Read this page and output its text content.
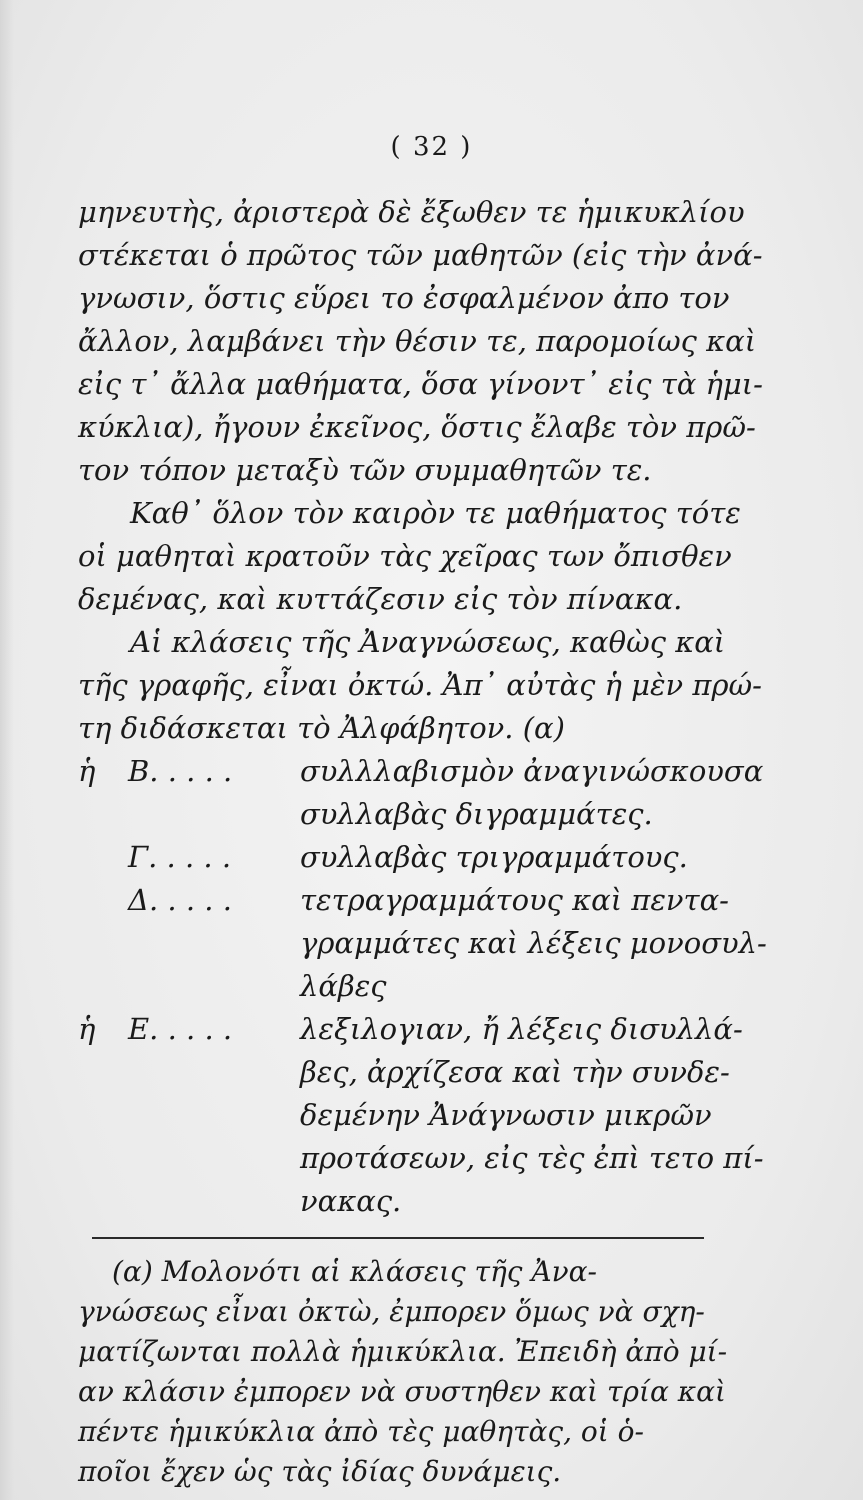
( 32 )
μηνευτὴς, ἀριστερὰ δὲ ἔξωθεν τε ἡμικυκλίου
στέκεται ὁ πρῶτος τῶν μαθητῶν (εἰς τὴν ἀνά-
γνωσιν, ὅστις εὕρει το ἐσφαλμένον ἀπο τον
ἄλλον, λαμβάνει τὴν θέσιν τε, παρομοίως καὶ
εἰς τ᾽ ἄλλα μαθήματα, ὅσα γίνοντ᾽ εἰς τὰ ἡμι-
κύκλια), ἤγουν ἐκεῖνος, ὅστις ἔλαβε τὸν πρῶ-
τον τόπον μεταξὺ τῶν συμμαθητῶν τε.
Καθ᾽ ὅλον τὸν καιρὸν τε μαθήματος τότε
οἱ μαθηταὶ κρατοῦν τὰς χεῖρας των ὄπισθεν
δεμένας, καὶ κυττάζεσιν εἰς τὸν πίνακα.
Αἱ κλάσεις τῆς Ἀναγνώσεως, καθὼς καὶ
τῆς γραφῆς, εἶναι ὀκτώ. Ἀπ᾽ αὐτὰς ἡ μὲν πρώ-
τη διδάσκεται τὸ Ἀλφάβητον. (α)
ἡ Β. . . . . συλλλαβισμὸν ἀναγινώσκουσα
συλλαβὰς διγραμμάτες.
Γ. . . . . συλλαβὰς τριγραμμάτους.
Δ. . . . . τετραγραμμάτους καὶ πεντα-
γραμμάτες καὶ λέξεις μονοσυλ-
λάβες
ἡ Ε. . . . . λεξιλογιαν, ἤ λέξεις δισυλλά-
βες, ἀρχίζεσα καὶ τὴν συνδε-
δεμένην Ἀνάγνωσιν μικρῶν
προτάσεων, εἰς τὲς ἐπὶ τετο πί-
νακας.
(α) Μολονότι αἱ κλάσεις τῆς Ἀνα-
γνώσεως εἶναι ὀκτὼ, ἐμπορεν ὅμως νὰ σχη-
ματίζωνται πολλὰ ἡμικύκλια. Ἐπειδὴ ἀπὸ μί-
αν κλάσιν ἐμπορεν νὰ συστηθεν καὶ τρία καὶ
πέντε ἡμικύκλια ἀπὸ τὲς μαθητὰς, οἱ ὁ-
ποῖοι ἔχεν ὡς τὰς ἰδίας δυνάμεις.
